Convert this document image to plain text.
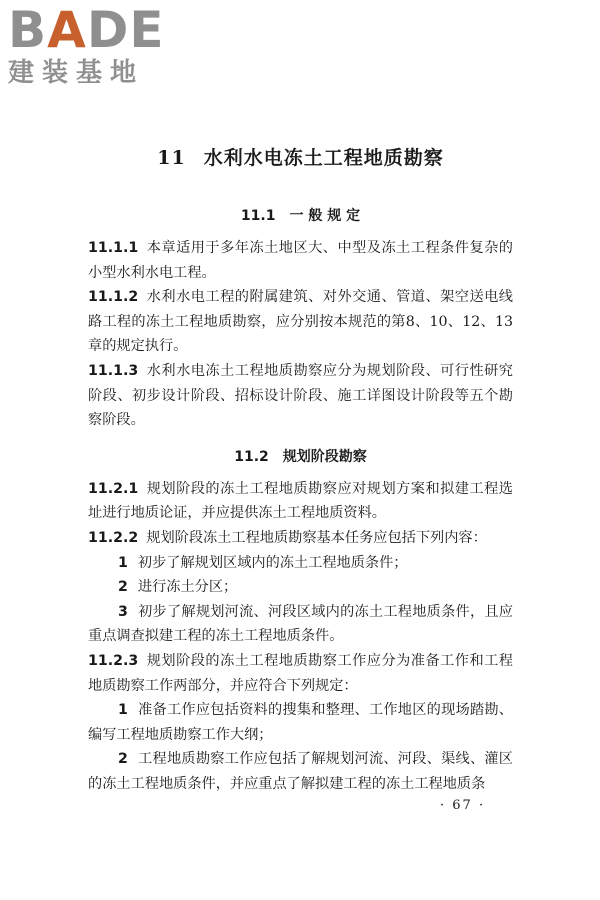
BADE
建装基地
11 水利水电冻土工程地质勘察
11.1 一 般 规 定

11.1.1 本章适用于多年冻土地区大、中型及冻土工程条件复杂的小型水利水电工程。

11.1.2 水利水电工程的附属建筑、对外交通、管道、架空送电线路工程的冻土工程地质勘察，应分别按本规范的第8、10、12、13章的规定执行。

11.1.3 水利水电冻土工程地质勘察应分为规划阶段、可行性研究阶段、初步设计阶段、招标设计阶段、施工详图设计阶段等五个勘察阶段。

11.2 规划阶段勘察

11.2.1 规划阶段的冻土工程地质勘察应对规划方案和拟建工程选址进行地质论证，并应提供冻土工程地质资料。

11.2.2 规划阶段冻土工程地质勘察基本任务应包括下列内容：

1 初步了解规划区域内的冻土工程地质条件；

2 进行冻土分区；

3 初步了解规划河流、河段区域内的冻土工程地质条件，且应重点调查拟建工程的冻土工程地质条件。

11.2.3 规划阶段的冻土工程地质勘察工作应分为准备工作和工程地质勘察工作两部分，并应符合下列规定：

1 准备工作应包括资料的搜集和整理、工作地区的现场踏勘、编写工程地质勘察工作大纲；

2 工程地质勘察工作应包括了解规划河流、河段、渠线、灌区的冻土工程地质条件，并应重点了解拟建工程的冻土工程地质条

· 67 ·
